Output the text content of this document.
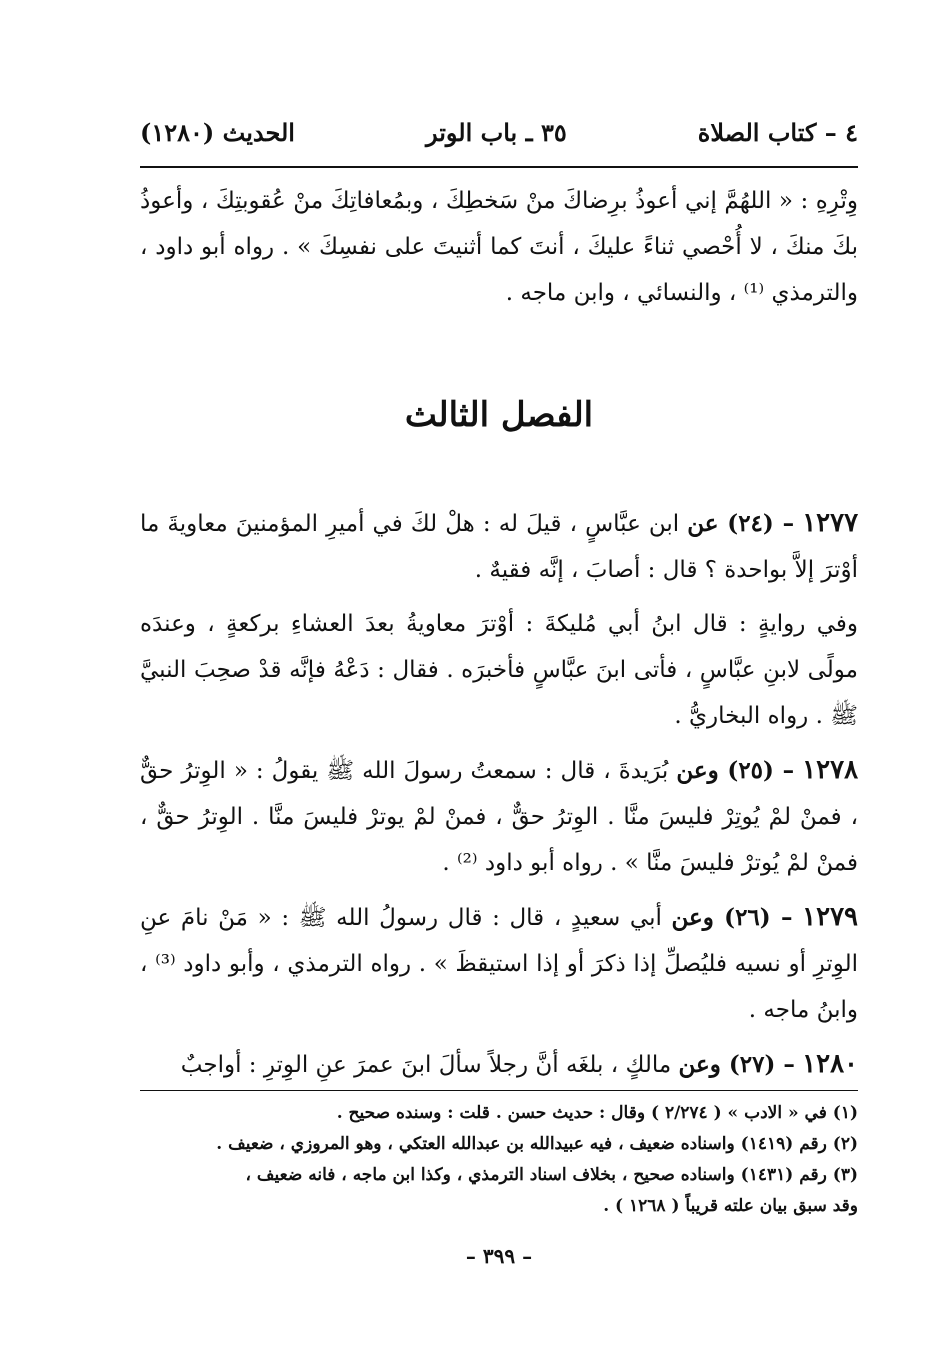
٤ – كتاب الصلاة
٣٥ ـ باب الوتر
الحديث (١٢٨٠)
وِتْرِهِ : « اللهُمَّ إني أعوذُ برِضاكَ منْ سَخطِكَ ، وبمُعافاتِكَ منْ عُقوبتِكَ ، وأعوذُ بكَ منكَ ، لا أُحْصي ثناءً عليكَ ، أنتَ كما أثنيتَ على نفسِكَ » . رواه أبو داود ، والترمذي ⁽¹⁾ ، والنسائي ، وابن ماجه .
الفصل الثالث

١٢٧٧ – (٢٤) عن ابن عبَّاسٍ ، قيلَ له : هلْ لكَ في أميرِ المؤمنينَ معاويةَ ما أوْترَ إلاَّ بواحدة ؟ قال : أصابَ ، إنَّه فقيهٌ .

وفي روايةٍ : قال ابنُ أبي مُليكةَ : أوْترَ معاويةُ بعدَ العشاءِ بركعةٍ ، وعندَه مولًى لابنِ عبَّاسٍ ، فأتى ابنَ عبَّاسٍ فأخبرَه . فقال : دَعْهُ فإنَّه قدْ صحِبَ النبيَّ ﷺ . رواه البخاريُّ .

١٢٧٨ – (٢٥) وعن بُرَيدةَ ، قال : سمعتُ رسولَ الله ﷺ يقولُ : « الوِترُ حقٌّ ، فمنْ لمْ يُوتِرْ فليسَ منَّا . الوِترُ حقٌّ ، فمنْ لمْ يوترْ فليسَ منَّا . الوِترُ حقٌّ ، فمنْ لمْ يُوترْ فليسَ منَّا » . رواه أبو داود ⁽²⁾ .

١٢٧٩ – (٢٦) وعن أبي سعيدٍ ، قال : قال رسولُ الله ﷺ : « مَنْ نامَ عنِ الوِترِ أو نسيه فليُصلِّ إذا ذكرَ أو إذا استيقظَ » . رواه الترمذي ، وأبو داود ⁽³⁾ ، وابنُ ماجه .

١٢٨٠ – (٢٧) وعن مالكٍ ، بلغَه أنَّ رجلاً سألَ ابنَ عمرَ عنِ الوِترِ : أواجبٌ

(١) في « الادب » ( ٢/٢٧٤ ) وقال : حديث حسن . قلت : وسنده صحيح .
(٢) رقم (١٤١٩) واسناده ضعيف ، فيه عبيدالله بن عبدالله العتكي ، وهو المروزي ، ضعيف .
(٣) رقم (١٤٣١) واسناده صحيح ، بخلاف اسناد الترمذي ، وكذا ابن ماجه ، فانه ضعيف ،
وقد سبق بيان علته قريباً ( ١٢٦٨ ) .
– ٣٩٩ –
